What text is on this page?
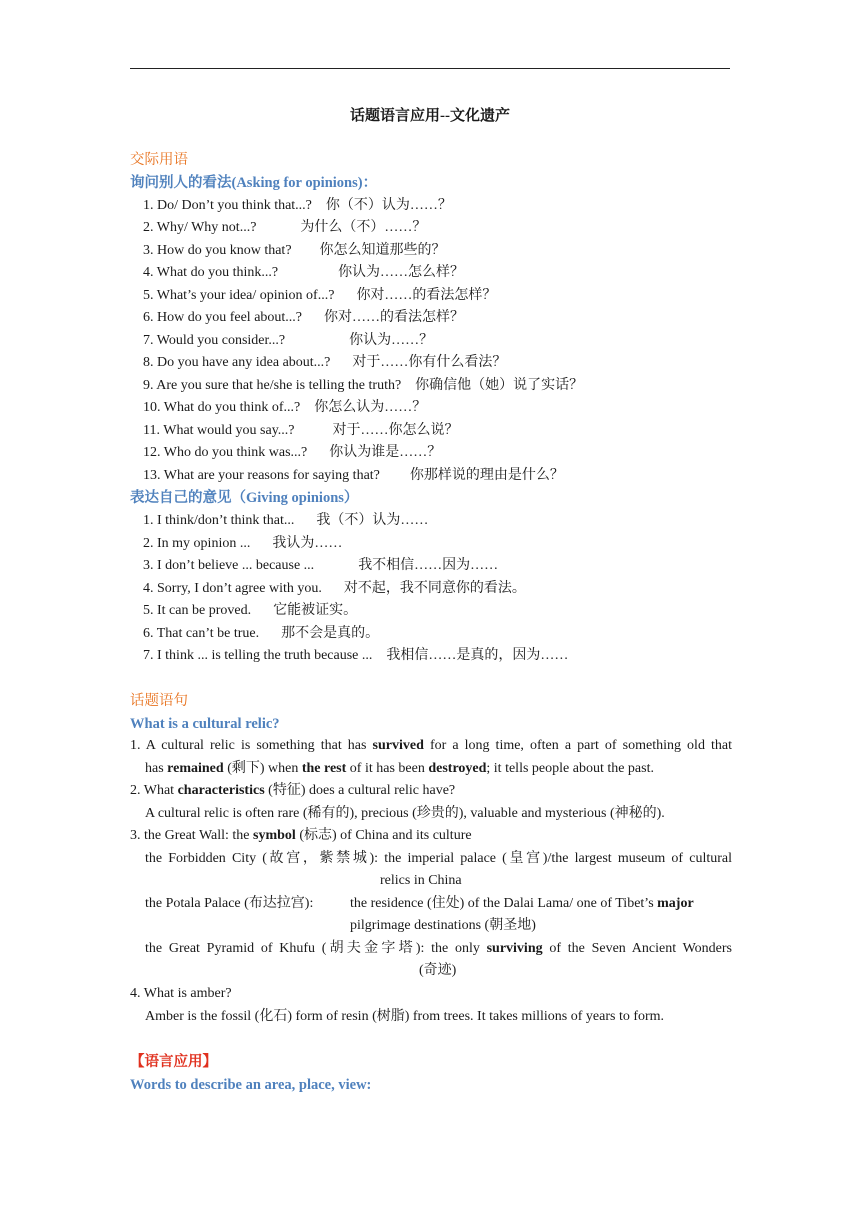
话题语言应用--文化遗产
交际用语
询问别人的看法(Asking for opinions)：
1. Do/ Don’t you think that...? 你（不）认为……？
2. Why/ Why not...?	为什么（不）……？
3. How do you know that? 你怎么知道那些的？
4. What do you think...?	你认为……怎么样？
5. What’s your idea/ opinion of...? 你对……的看法怎样？
6. How do you feel about...? 你对……的看法怎样？
7. Would you consider...?	你认为……？
8. Do you have any idea about...? 对于……你有什么看法？
9. Are you sure that he/she is telling the truth? 你确信他（她）说了实话？
10. What do you think of...? 你怎么认为……？
11. What would you say...?	对于……你怎么说？
12. Who do you think was...? 你认为谁是……？
13. What are your reasons for saying that? 你那样说的理由是什么？
表达自己的意见（Giving opinions）
1. I think/don’t think that... 我（不）认为……
2. In my opinion ... 我认为……
3. I don’t believe ... because ...	我不相信……因为……
4. Sorry, I don’t agree with you. 对不起，我不同意你的看法。
5. It can be proved. 它能被证实。
6. That can’t be true. 那不会是真的。
7. I think ... is telling the truth because ... 我相信……是真的，因为……
话题语句
What is a cultural relic?
1. A cultural relic is something that has survived for a long time, often a part of something old that
has remained (剩下) when the rest of it has been destroyed; it tells people about the past.
2. What characteristics (特征) does a cultural relic have?
A cultural relic is often rare (稀有的), precious (珍贵的), valuable and mysterious (神秘的).
3. the Great Wall: the symbol (标志) of China and its culture
the Forbidden City (故宫，紫禁城): the imperial palace (皇宫)/the largest museum of cultural
relics in China
the Potala Palace (布达拉宫):	the residence (住处) of the Dalai Lama/ one of Tibet’s major
pilgrimage destinations (朝圣地)
the Great Pyramid of Khufu (胡夫金字塔): the only surviving of the Seven Ancient Wonders
(奇迹)
4. What is amber?
Amber is the fossil (化石) form of resin (树脂) from trees. It takes millions of years to form.
【语言应用】
Words to describe an area, place, view:
